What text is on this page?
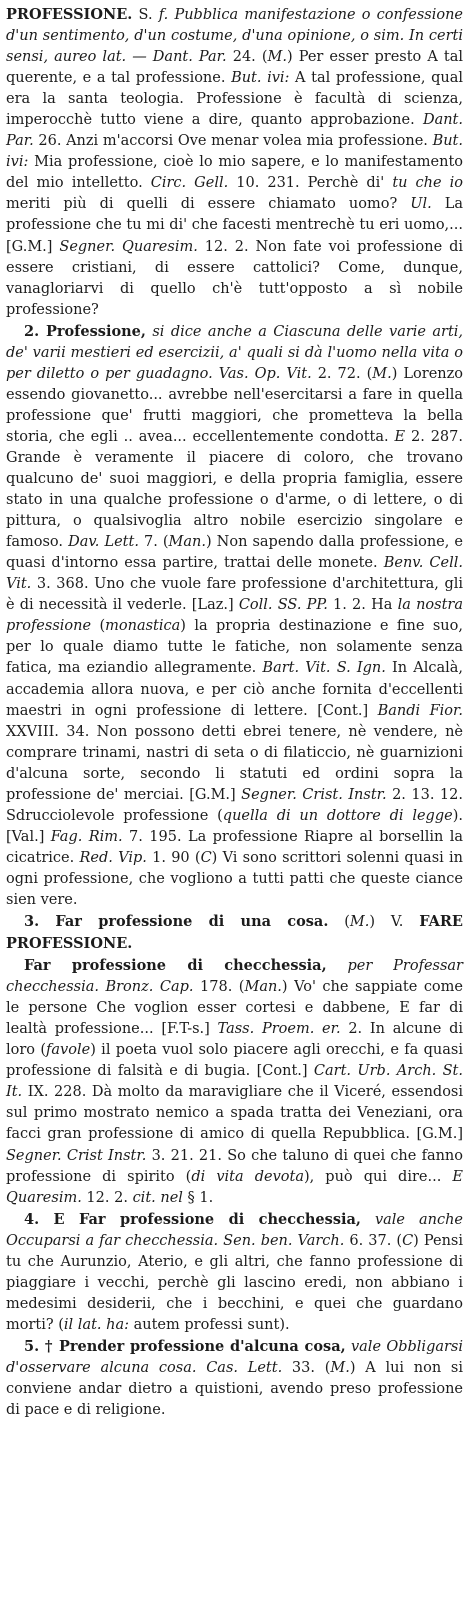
PROFESSIONE. S. f. Pubblica manifestazione o confessione d'un sentimento, d'un costume, d'una opinione, o sim. In certi sensi, aureo lat. — Dant. Par. 24. (M.) Per esser presto A tal querente, e a tal professione. But. ivi: A tal professione, qual era la santa teologia. Professione è facultà di scienza, imperocchè tutto viene a dire, quanto approbazione. Dant. Par. 26. Anzi m'accorsi Ove menar volea mia professione. But. ivi: Mia professione, cioè lo mio sapere, e lo manifestamento del mio intelletto. Circ. Gell. 10. 231. Perchè di' tu che io meriti più di quelli di essere chiamato uomo? Ul. La professione che tu mi di' che facesti mentrechè tu eri uomo,... [G.M.] Segner. Quaresim. 12. 2. Non fate voi professione di essere cristiani, di essere cattolici? Come, dunque, vanagloriarvi di quello ch'è tutt'opposto a sì nobile professione?

2. Professione, si dice anche a Ciascuna delle varie arti, de' varii mestieri ed esercizii, a' quali si dà l'uomo nella vita o per diletto o per guadagno. Vas. Op. Vit. 2. 72. (M.) Lorenzo essendo giovanetto... avrebbe nell'esercitarsi a fare in quella professione que' frutti maggiori, che prometteva la bella storia, che egli .. avea... eccellentemente condotta. E 2. 287. Grande è veramente il piacere di coloro, che trovano qualcuno de' suoi maggiori, e della propria famiglia, essere stato in una qualche professione o d'arme, o di lettere, o di pittura, o qualsivoglia altro nobile esercizio singolare e famoso. Dav. Lett. 7. (Man.) Non sapendo dalla professione, e quasi d'intorno essa partire, trattai delle monete. Benv. Cell. Vit. 3. 368. Uno che vuole fare professione d'architettura, gli è di necessità il vederle. [Laz.] Coll. SS. PP. 1. 2. Ha la nostra professione (monastica) la propria destinazione e fine suo, per lo quale diamo tutte le fatiche, non solamente senza fatica, ma eziandio allegramente. Bart. Vit. S. Ign. In Alcalà, accademia allora nuova, e per ciò anche fornita d'eccellenti maestri in ogni professione di lettere. [Cont.] Bandi Fior. XXVIII. 34. Non possono detti ebrei tenere, nè vendere, nè comprare trinami, nastri di seta o di filaticcio, nè guarnizioni d'alcuna sorte, secondo li statuti ed ordini sopra la professione de' merciai. [G.M.] Segner. Crist. Instr. 2. 13. 12. Sdrucciolevole professione (quella di un dottore di legge). [Val.] Fag. Rim. 7. 195. La professione Riapre al borsellin la cicatrice. Red. Vip. 1. 90 (C) Vi sono scrittori solenni quasi in ogni professione, che vogliono a tutti patti che queste ciance sien vere.

3. Far professione di una cosa. (M.) V. FARE PROFESSIONE.

Far professione di checchessia, per Professar checchessia. Bronz. Cap. 178. (Man.) Vo' che sappiate come le persone Che voglion esser cortesi e dabbene, E far di lealtà professione... [F.T-s.] Tass. Proem. er. 2. In alcune di loro (favole) il poeta vuol solo piacere agli orecchi, e fa quasi professione di falsità e di bugia. [Cont.] Cart. Urb. Arch. St. It. IX. 228. Dà molto da maravigliare che il Viceré, essendosi sul primo mostrato nemico a spada tratta dei Veneziani, ora facci gran professione di amico di quella Repubblica. [G.M.] Segner. Crist Instr. 3. 21. 21. So che taluno di quei che fanno professione di spirito (di vita devota), può qui dire... E Quaresim. 12. 2. cit. nel § 1.

4. E Far professione di checchessia, vale anche Occuparsi a far checchessia. Sen. ben. Varch. 6. 37. (C) Pensi tu che Aurunzio, Aterio, e gli altri, che fanno professione di piaggiare i vecchi, perchè gli lascino eredi, non abbiano i medesimi desiderii, che i becchini, e quei che guardano morti? (il lat. ha: autem professi sunt).

5. † Prender professione d'alcuna cosa, vale Obbligarsi d'osservare alcuna cosa. Cas. Lett. 33. (M.) A lui non si conviene andar dietro a quistioni, avendo preso professione di pace e di religione.
